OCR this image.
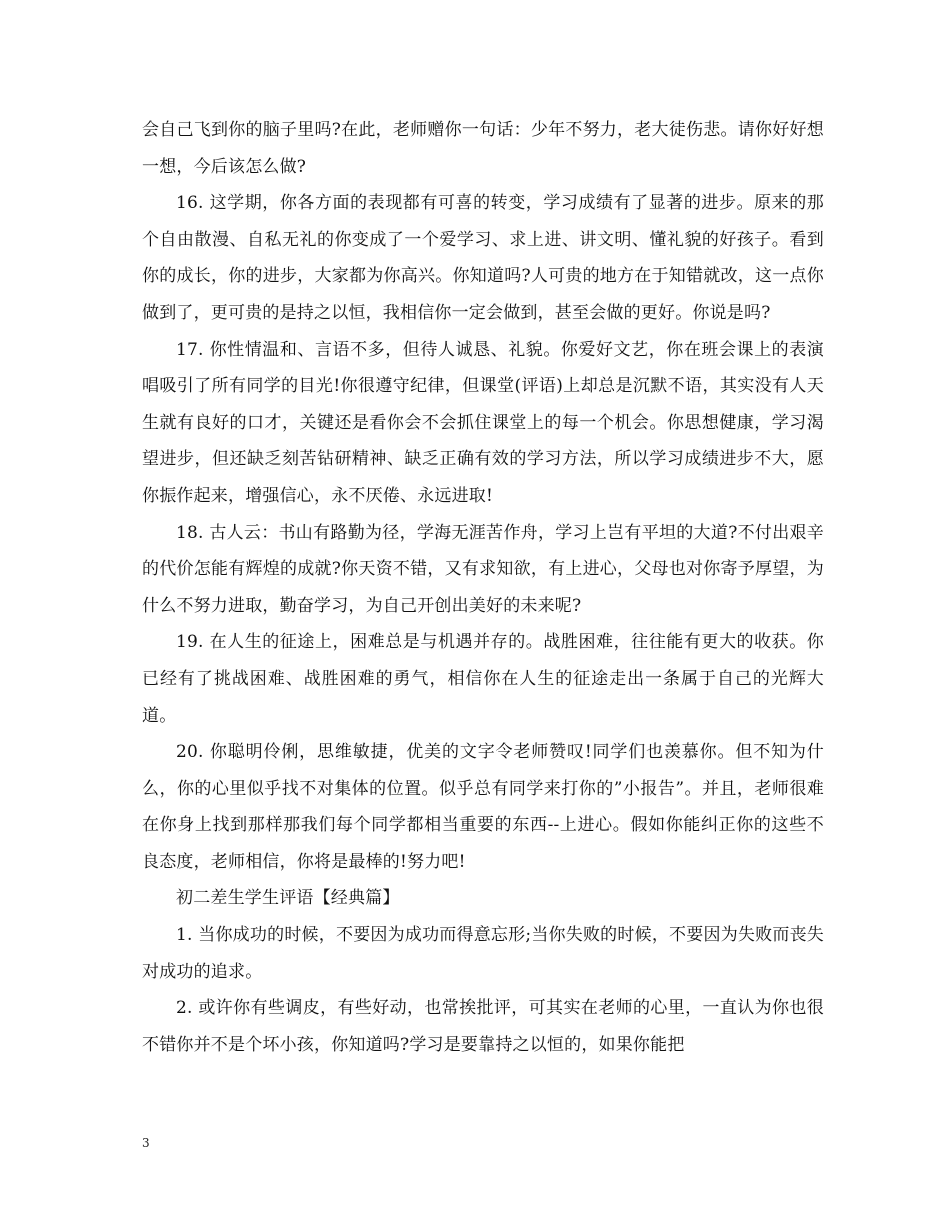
会自己飞到你的脑子里吗?在此，老师赠你一句话：少年不努力，老大徒伤悲。请你好好想一想，今后该怎么做?

16. 这学期，你各方面的表现都有可喜的转变，学习成绩有了显著的进步。原来的那个自由散漫、自私无礼的你变成了一个爱学习、求上进、讲文明、懂礼貌的好孩子。看到你的成长，你的进步，大家都为你高兴。你知道吗?人可贵的地方在于知错就改，这一点你做到了，更可贵的是持之以恒，我相信你一定会做到，甚至会做的更好。你说是吗?

17. 你性情温和、言语不多，但待人诚恳、礼貌。你爱好文艺，你在班会课上的表演唱吸引了所有同学的目光!你很遵守纪律，但课堂(评语)上却总是沉默不语，其实没有人天生就有良好的口才，关键还是看你会不会抓住课堂上的每一个机会。你思想健康，学习渴望进步，但还缺乏刻苦钻研精神、缺乏正确有效的学习方法，所以学习成绩进步不大，愿你振作起来，增强信心，永不厌倦、永远进取!

18. 古人云：书山有路勤为径，学海无涯苦作舟，学习上岂有平坦的大道?不付出艰辛的代价怎能有辉煌的成就?你天资不错，又有求知欲，有上进心，父母也对你寄予厚望，为什么不努力进取，勤奋学习，为自己开创出美好的未来呢?

19. 在人生的征途上，困难总是与机遇并存的。战胜困难，往往能有更大的收获。你已经有了挑战困难、战胜困难的勇气，相信你在人生的征途走出一条属于自己的光辉大道。

20. 你聪明伶俐，思维敏捷，优美的文字令老师赞叹!同学们也羡慕你。但不知为什么，你的心里似乎找不对集体的位置。似乎总有同学来打你的”小报告”。并且，老师很难在你身上找到那样那我们每个同学都相当重要的东西--上进心。假如你能纠正你的这些不良态度，老师相信，你将是最棒的!努力吧!

初二差生学生评语【经典篇】

1. 当你成功的时候，不要因为成功而得意忘形;当你失败的时候，不要因为失败而丧失对成功的追求。

2. 或许你有些调皮，有些好动，也常挨批评，可其实在老师的心里，一直认为你也很不错你并不是个坏小孩，你知道吗?学习是要靠持之以恒的，如果你能把

3
